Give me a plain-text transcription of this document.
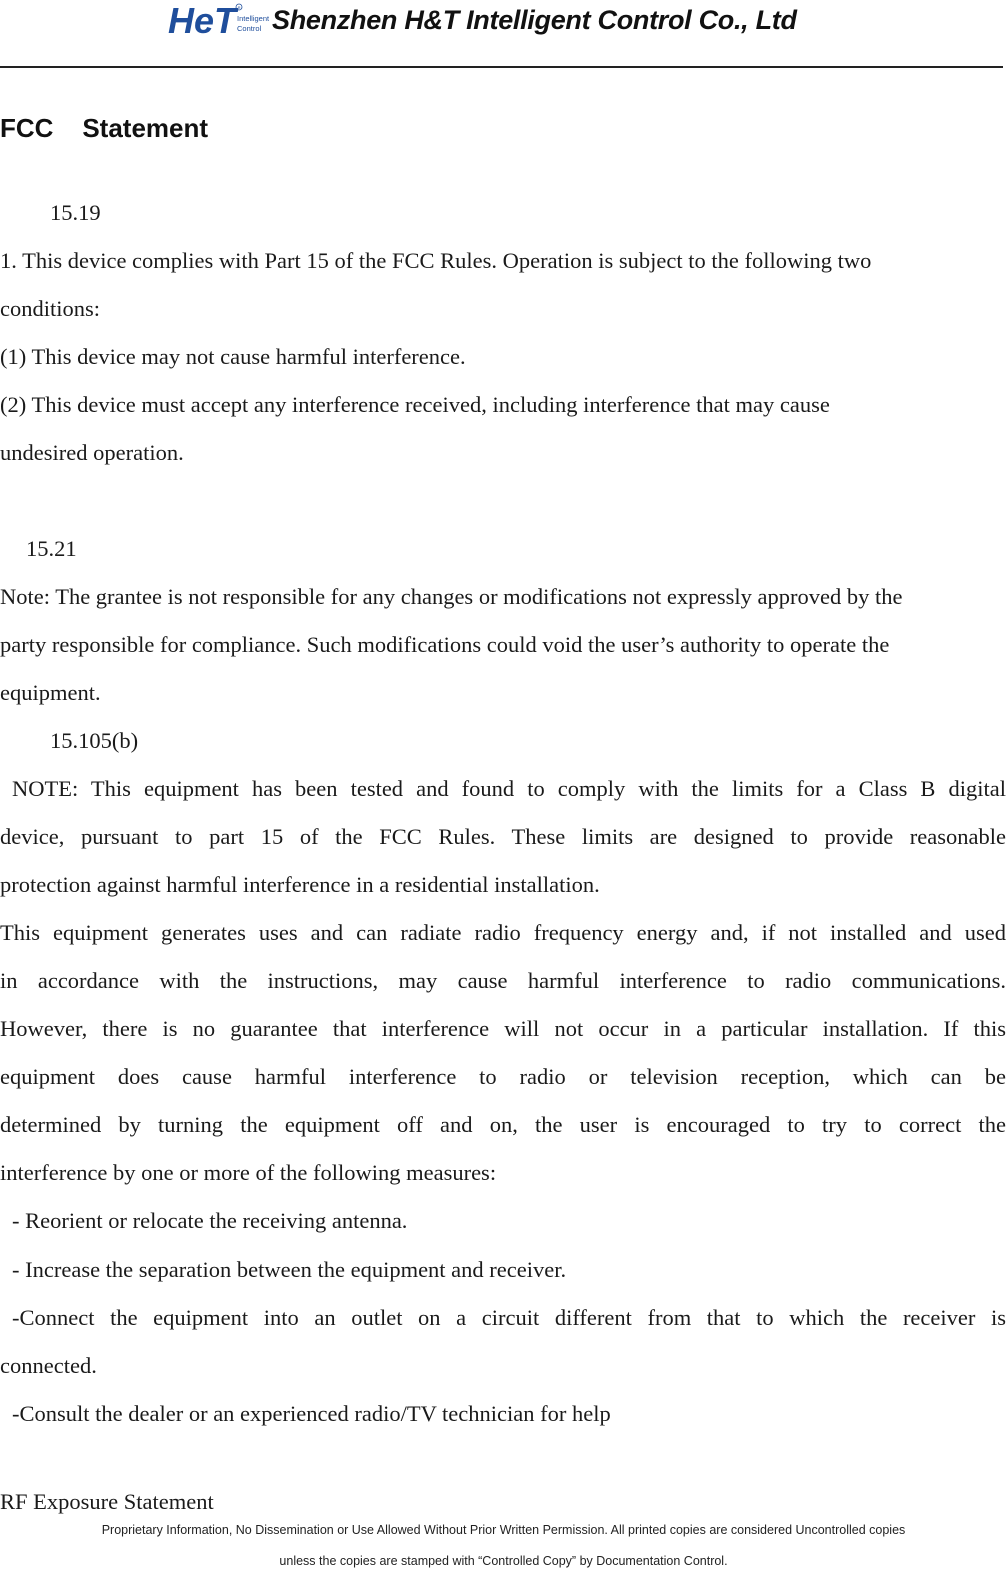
HeT R
Intelligent
Control Shenzhen H&T Intelligent Control Co., Ltd
FCC    Statement
15.19
1. This device complies with Part 15 of the FCC Rules. Operation is subject to the following two
conditions:
(1) This device may not cause harmful interference.
(2) This device must accept any interference received, including interference that may cause
undesired operation.
15.21
Note: The grantee is not responsible for any changes or modifications not expressly approved by the
party responsible for compliance. Such modifications could void the user’s authority to operate the
equipment.
15.105(b)
NOTE: This equipment has been tested and found to comply with the limits for a Class B digital
device, pursuant to part 15 of the FCC Rules. These limits are designed to provide reasonable
protection against harmful interference in a residential installation.
This equipment generates uses and can radiate radio frequency energy and, if not installed and used
in accordance with the instructions, may cause harmful interference to radio communications.
However, there is no guarantee that interference will not occur in a particular installation. If this
equipment does cause harmful interference to radio or television reception, which can be
determined by turning the equipment off and on, the user is encouraged to try to correct the
interference by one or more of the following measures:
- Reorient or relocate the receiving antenna.
- Increase the separation between the equipment and receiver.
-Connect the equipment into an outlet on a circuit different from that to which the receiver is
connected.
-Consult the dealer or an experienced radio/TV technician for help
RF Exposure Statement
Proprietary Information, No Dissemination or Use Allowed Without Prior Written Permission. All printed copies are considered Uncontrolled copies
unless the copies are stamped with “Controlled Copy” by Documentation Control.
